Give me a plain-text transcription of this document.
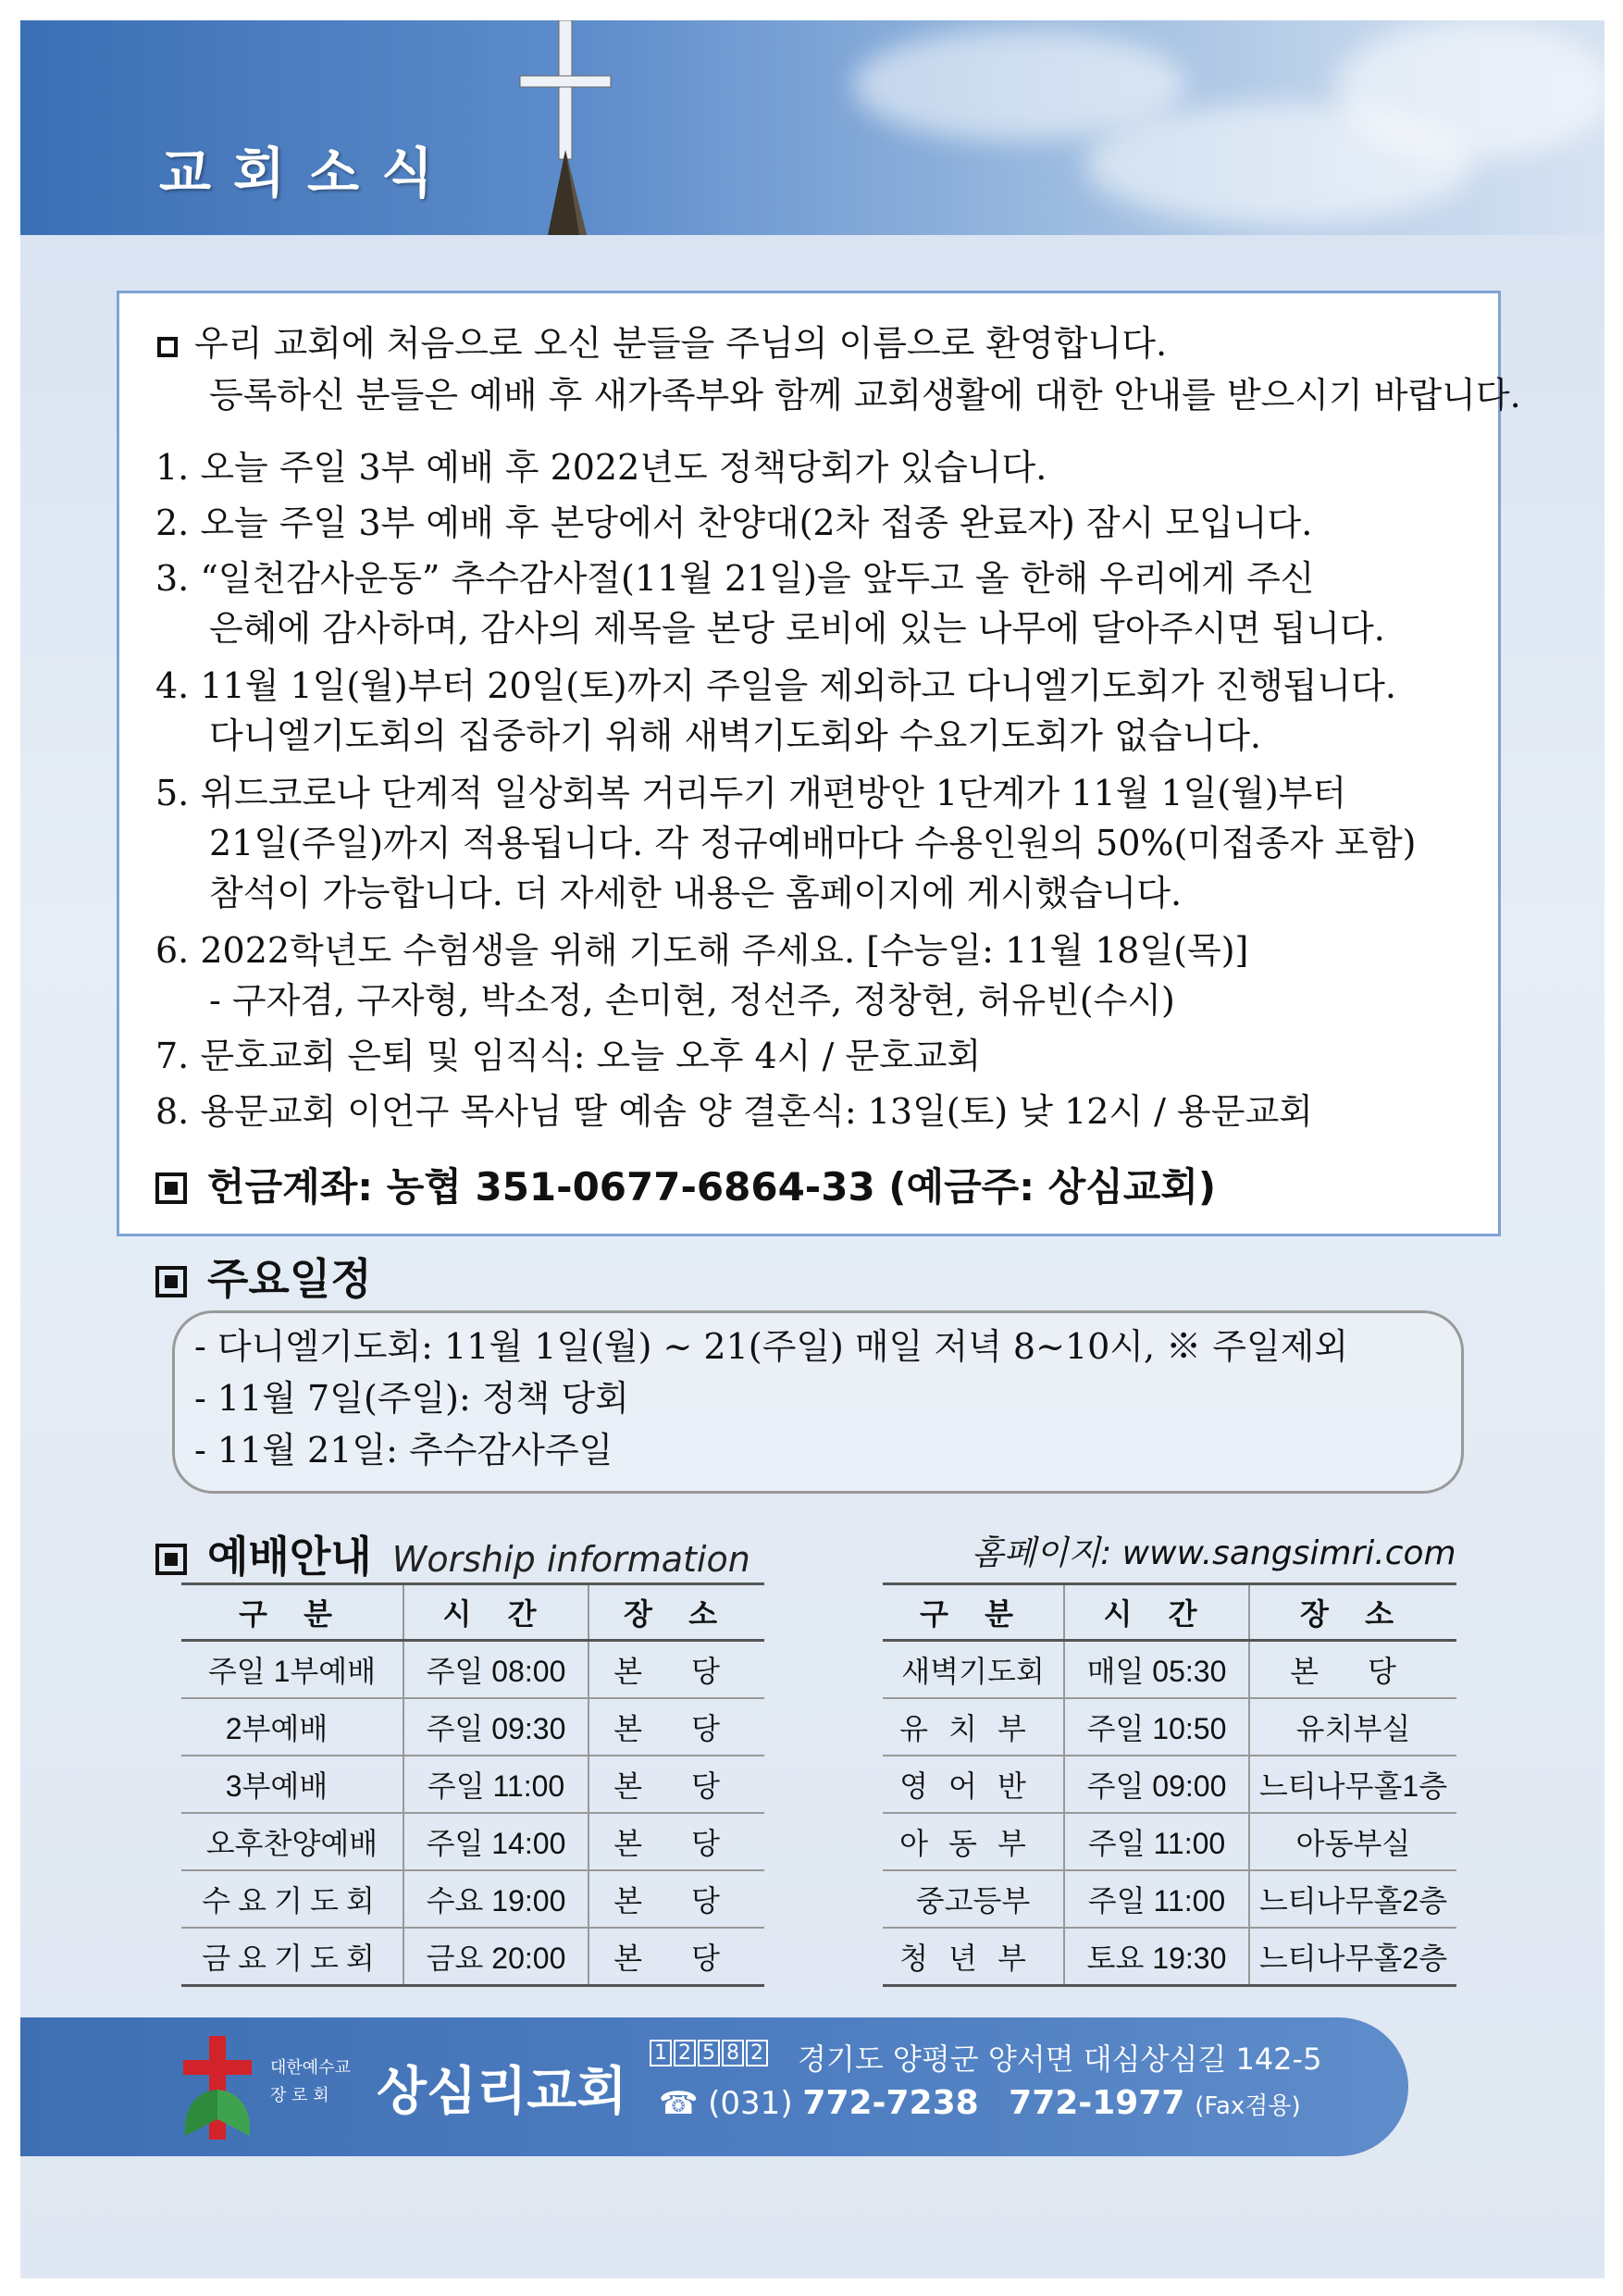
교회소식
우리 교회에 처음으로 오신 분들을 주님의 이름으로 환영합니다.
등록하신 분들은 예배 후 새가족부와 함께 교회생활에 대한 안내를 받으시기 바랍니다.
1. 오늘 주일 3부 예배 후 2022년도 정책당회가 있습니다.
2. 오늘 주일 3부 예배 후 본당에서 찬양대(2차 접종 완료자) 잠시 모입니다.
3. “일천감사운동” 추수감사절(11월 21일)을 앞두고 올 한해 우리에게 주신
은혜에 감사하며, 감사의 제목을 본당 로비에 있는 나무에 달아주시면 됩니다.
4. 11월 1일(월)부터 20일(토)까지 주일을 제외하고 다니엘기도회가 진행됩니다.
다니엘기도회의 집중하기 위해 새벽기도회와 수요기도회가 없습니다.
5. 위드코로나 단계적 일상회복 거리두기 개편방안 1단계가 11월 1일(월)부터
21일(주일)까지 적용됩니다. 각 정규예배마다 수용인원의 50%(미접종자 포함)
참석이 가능합니다. 더 자세한 내용은 홈페이지에 게시했습니다.
6. 2022학년도 수험생을 위해 기도해 주세요. [수능일: 11월 18일(목)]
- 구자겸, 구자형, 박소정, 손미현, 정선주, 정창현, 허유빈(수시)
7. 문호교회 은퇴 및 임직식: 오늘 오후 4시 / 문호교회
8. 용문교회 이언구 목사님 딸 예솜 양 결혼식: 13일(토) 낮 12시 / 용문교회
헌금계좌: 농협 351-0677-6864-33 (예금주: 상심교회)
주요일정
- 다니엘기도회: 11월 1일(월) ~ 21(주일) 매일 저녁 8~10시, ※ 주일제외
- 11월 7일(주일): 정책 당회
- 11월 21일: 추수감사주일
예배안내 Worship information	홈페이지: www.sangsimri.com
구 분	시 간	장 소
주일 1부예배	주일 08:00	본 당
2부예배	주일 09:30	본 당
3부예배	주일 11:00	본 당
오후찬양예배	주일 14:00	본 당
수요기도회	수요 19:00	본 당
금요기도회	금요 20:00	본 당
구 분	시 간	장 소
새벽기도회	매일 05:30	본 당
유치부	주일 10:50	유치부실
영어반	주일 09:00	느티나무홀1층
아동부	주일 11:00	아동부실
중고등부	주일 11:00	느티나무홀2층
청년부	토요 19:30	느티나무홀2층
대한예수교
장 로 회 상심리교회
1 2 5 8 2 경기도 양평군 양서면 대심상심길 142-5
☎ (031) 772-7238 772-1977 (Fax겸용)
